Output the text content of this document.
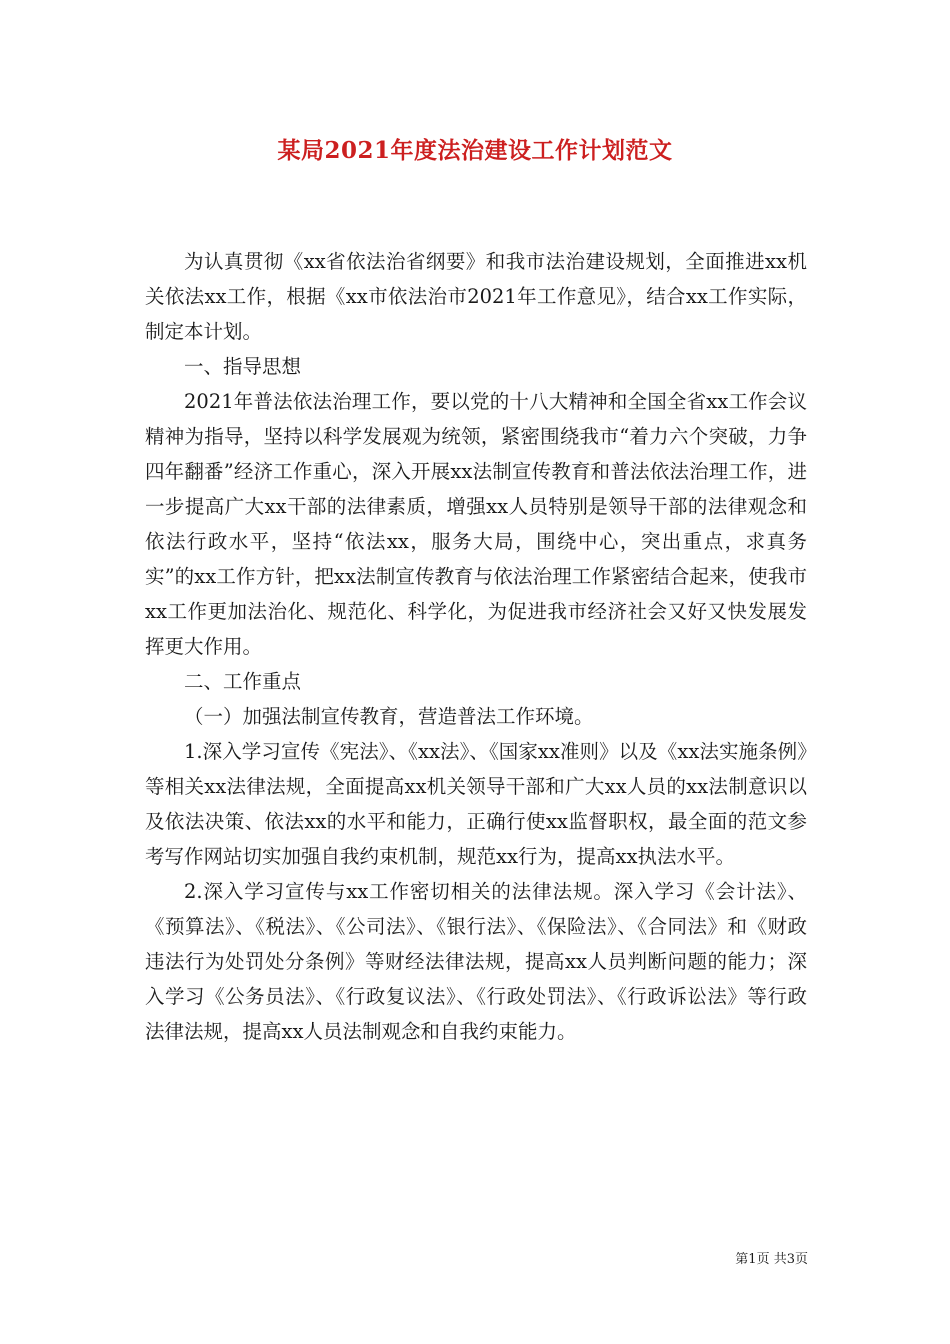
某局2021年度法治建设工作计划范文

为认真贯彻《xx省依法治省纲要》和我市法治建设规划，全面推进xx机关依法xx工作，根据《xx市依法治市2021年工作意见》，结合xx工作实际，制定本计划。

一、指导思想

2021年普法依法治理工作，要以党的十八大精神和全国全省xx工作会议精神为指导，坚持以科学发展观为统领，紧密围绕我市“着力六个突破，力争四年翻番”经济工作重心，深入开展xx法制宣传教育和普法依法治理工作，进一步提高广大xx干部的法律素质，增强xx人员特别是领导干部的法律观念和依法行政水平，坚持“依法xx，服务大局，围绕中心，突出重点，求真务实”的xx工作方针，把xx法制宣传教育与依法治理工作紧密结合起来，使我市xx工作更加法治化、规范化、科学化，为促进我市经济社会又好又快发展发挥更大作用。

二、工作重点

（一）加强法制宣传教育，营造普法工作环境。

1.深入学习宣传《宪法》、《xx法》、《国家xx准则》以及《xx法实施条例》等相关xx法律法规，全面提高xx机关领导干部和广大xx人员的xx法制意识以及依法决策、依法xx的水平和能力，正确行使xx监督职权，最全面的范文参考写作网站切实加强自我约束机制，规范xx行为，提高xx执法水平。

2.深入学习宣传与xx工作密切相关的法律法规。深入学习《会计法》、《预算法》、《税法》、《公司法》、《银行法》、《保险法》、《合同法》和《财政违法行为处罚处分条例》等财经法律法规，提高xx人员判断问题的能力；深入学习《公务员法》、《行政复议法》、《行政处罚法》、《行政诉讼法》等行政法律法规，提高xx人员法制观念和自我约束能力。

第1页 共3页
